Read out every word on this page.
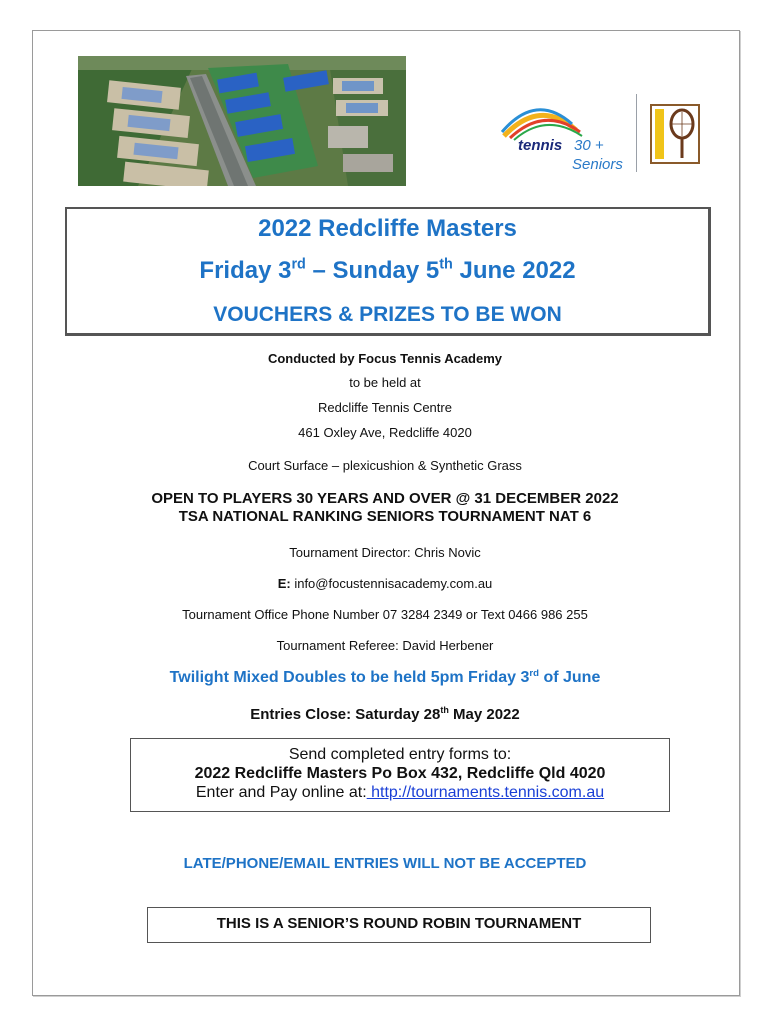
tennis 30 +
Seniors
2022 Redcliffe Masters
Friday 3rd – Sunday 5th June 2022
VOUCHERS & PRIZES TO BE WON
Conducted by Focus Tennis Academy
to be held at
Redcliffe Tennis Centre
461 Oxley Ave, Redcliffe 4020
Court Surface – plexicushion & Synthetic Grass
OPEN TO PLAYERS 30 YEARS AND OVER @ 31 DECEMBER 2022
TSA NATIONAL RANKING SENIORS TOURNAMENT NAT 6
Tournament Director: Chris Novic
E: info@focustennisacademy.com.au
Tournament Office Phone Number 07 3284 2349 or Text 0466 986 255
Tournament Referee: David Herbener
Twilight Mixed Doubles to be held 5pm Friday 3rd of June
Entries Close: Saturday 28th May 2022
Send completed entry forms to:
2022 Redcliffe Masters Po Box 432, Redcliffe Qld 4020
Enter and Pay online at: http://tournaments.tennis.com.au
LATE/PHONE/EMAIL ENTRIES WILL NOT BE ACCEPTED
THIS IS A SENIOR’S ROUND ROBIN TOURNAMENT
